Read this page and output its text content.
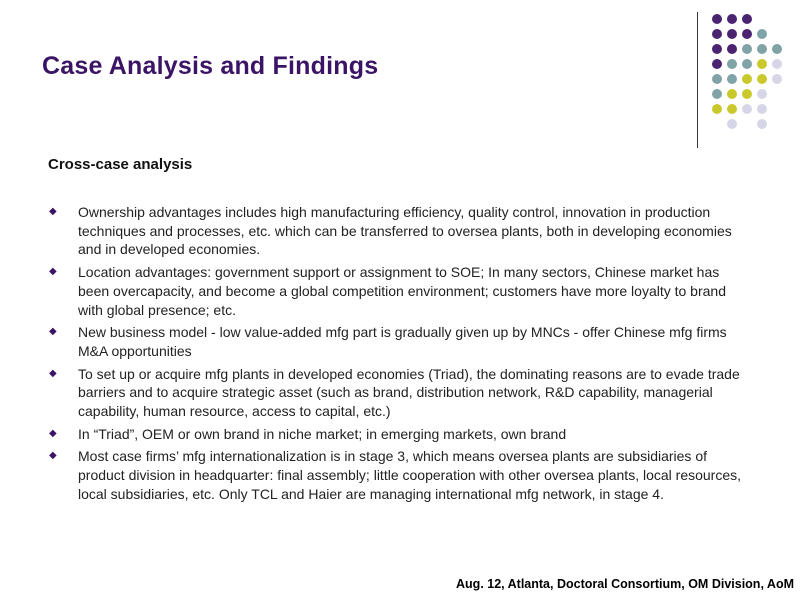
Case Analysis and Findings
Cross-case analysis
◆ Ownership advantages includes high manufacturing efficiency, quality control, innovation in production techniques and processes, etc. which can be transferred to oversea plants, both in developing economies and in developed economies.
◆ Location advantages: government support or assignment to SOE; In many sectors, Chinese market has been overcapacity, and become a global competition environment; customers have more loyalty to brand with global presence; etc.
◆ New business model - low value-added mfg part is gradually given up by MNCs - offer Chinese mfg firms M&A opportunities
◆ To set up or acquire mfg plants in developed economies (Triad), the dominating reasons are to evade trade barriers and to acquire strategic asset (such as brand, distribution network, R&D capability, managerial capability, human resource, access to capital, etc.)
◆ In “Triad”, OEM or own brand in niche market; in emerging markets, own brand
◆ Most case firms’ mfg internationalization is in stage 3, which means oversea plants are subsidiaries of product division in headquarter: final assembly; little cooperation with other oversea plants, local resources, local subsidiaries, etc. Only TCL and Haier are managing international mfg network, in stage 4.
Aug. 12, Atlanta, Doctoral Consortium, OM Division, AoM
